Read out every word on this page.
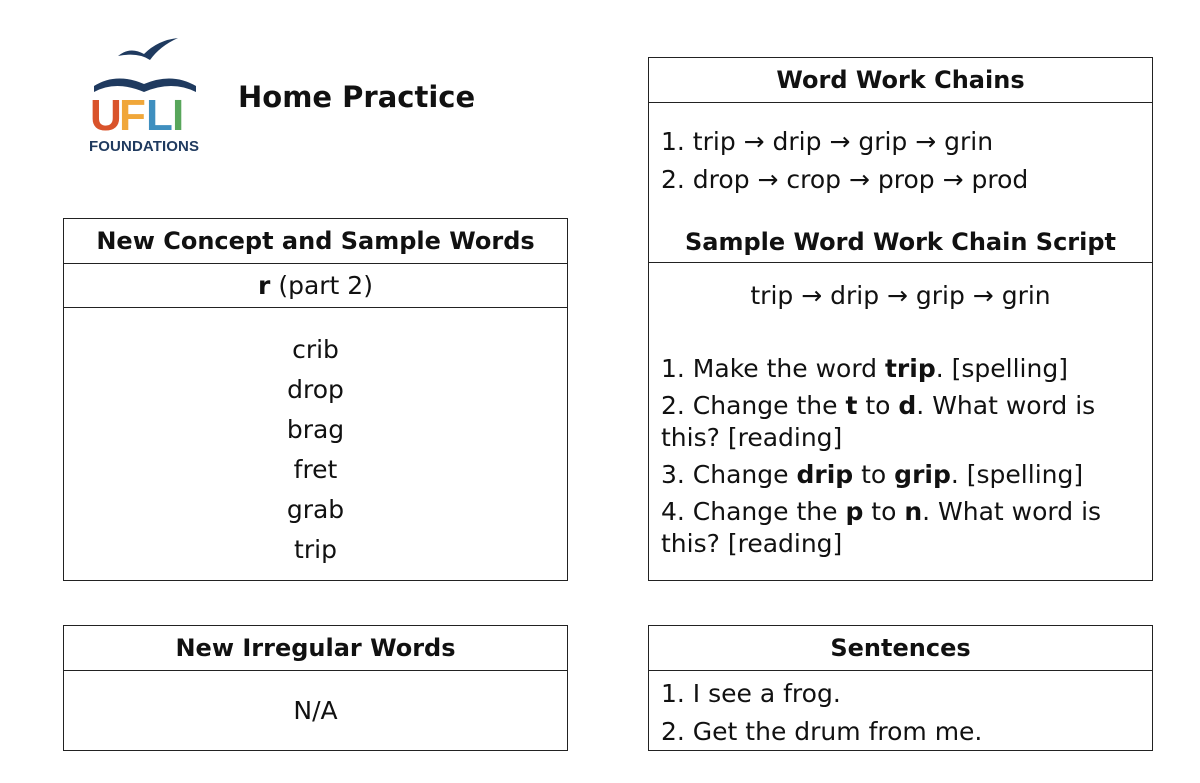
U
F L I
FOUNDATIONS
Home Practice
New Concept and Sample Words
r (part 2)
crib
drop
brag
fret
grab
trip
New Irregular Words
N/A
Word Work Chains
1. trip → drip → grip → grin
2. drop → crop → prop → prod
Sample Word Work Chain Script
trip → drip → grip → grin
1. Make the word trip. [spelling]
2. Change the t to d. What word is this? [reading]
3. Change drip to grip. [spelling]
4. Change the p to n. What word is this? [reading]
Sentences
1. I see a frog.
2. Get the drum from me.
